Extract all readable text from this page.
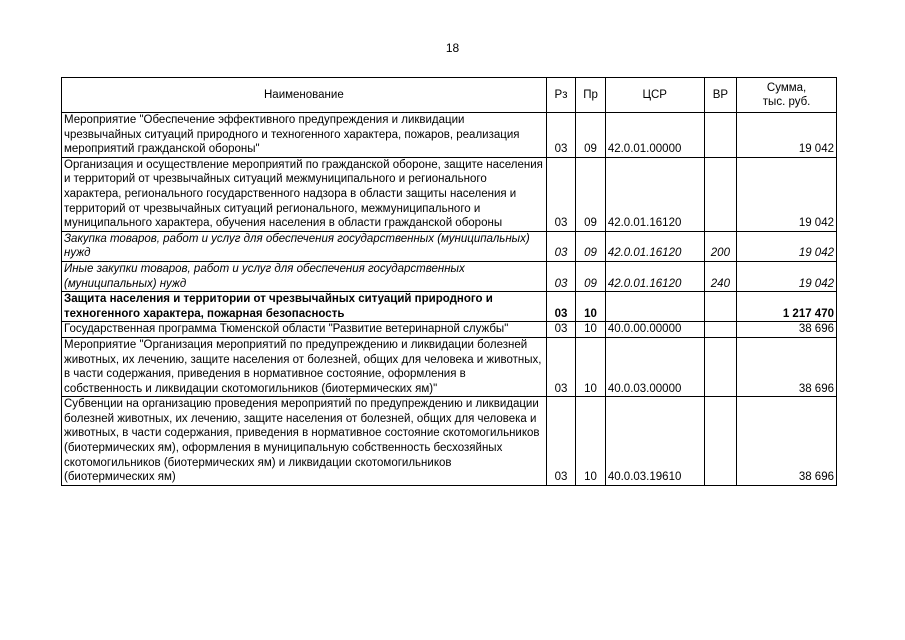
18
Наименование	Рз	Пр	ЦСР	ВР	Сумма,
тыс. руб.

Мероприятие "Обеспечение эффективного предупреждения и ликвидации чрезвычайных ситуаций природного и техногенного характера, пожаров, реализация мероприятий гражданской обороны"	03	09	42.0.01.00000		19 042
Организация и осуществление мероприятий по гражданской обороне, защите населения и территорий от чрезвычайных ситуаций межмуниципального и регионального характера, регионального государственного надзора в области защиты населения и территорий от чрезвычайных ситуаций регионального, межмуниципального и муниципального характера, обучения населения в области гражданской обороны	03	09	42.0.01.16120		19 042
Закупка товаров, работ и услуг для обеспечения государственных (муниципальных) нужд	03	09	42.0.01.16120	200	19 042
Иные закупки товаров, работ и услуг для обеспечения государственных (муниципальных) нужд	03	09	42.0.01.16120	240	19 042
Защита населения и территории от чрезвычайных ситуаций природного и техногенного характера, пожарная безопасность	03	10			1 217 470
Государственная программа Тюменской области "Развитие ветеринарной службы"	03	10	40.0.00.00000		38 696
Мероприятие "Организация мероприятий по предупреждению и ликвидации болезней животных, их лечению, защите населения от болезней, общих для человека и животных, в части содержания, приведения в нормативное состояние, оформления в собственность и ликвидации скотомогильников (биотермических ям)"	03	10	40.0.03.00000		38 696
Субвенции на организацию проведения мероприятий по предупреждению и ликвидации болезней животных, их лечению, защите населения от болезней, общих для человека и животных, в части содержания, приведения в нормативное состояние скотомогильников (биотермических ям), оформления в муниципальную собственность бесхозяйных скотомогильников (биотермических ям) и ликвидации скотомогильников (биотермических ям)	03	10	40.0.03.19610		38 696
